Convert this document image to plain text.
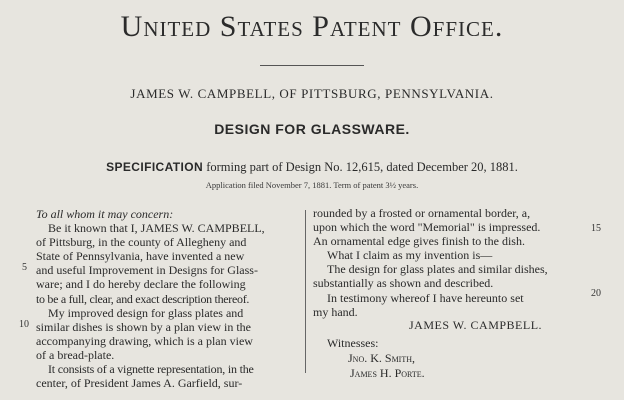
United States Patent Office.
JAMES W. CAMPBELL, OF PITTSBURG, PENNSYLVANIA.
DESIGN FOR GLASSWARE.
SPECIFICATION forming part of Design No. 12,615, dated December 20, 1881.
Application filed November 7, 1881. Term of patent 3½ years.
To all whom it may concern:
Be it known that I, JAMES W. CAMPBELL,
of Pittsburg, in the county of Allegheny and
State of Pennsylvania, have invented a new
and useful Improvement in Designs for Glass-
ware; and I do hereby declare the following
to be a full, clear, and exact description thereof.
My improved design for glass plates and
similar dishes is shown by a plan view in the
accompanying drawing, which is a plan view
of a bread-plate.
It consists of a vignette representation, in the
center, of President James A. Garfield, sur-
5
10
rounded by a frosted or ornamental border, a,
upon which the word "Memorial" is impressed.
An ornamental edge gives finish to the dish.
What I claim as my invention is—
The design for glass plates and similar dishes,
substantially as shown and described.
In testimony whereof I have hereunto set
my hand.
15
20
JAMES W. CAMPBELL.
Witnesses:
Jno. K. Smith,
James H. Porte.
